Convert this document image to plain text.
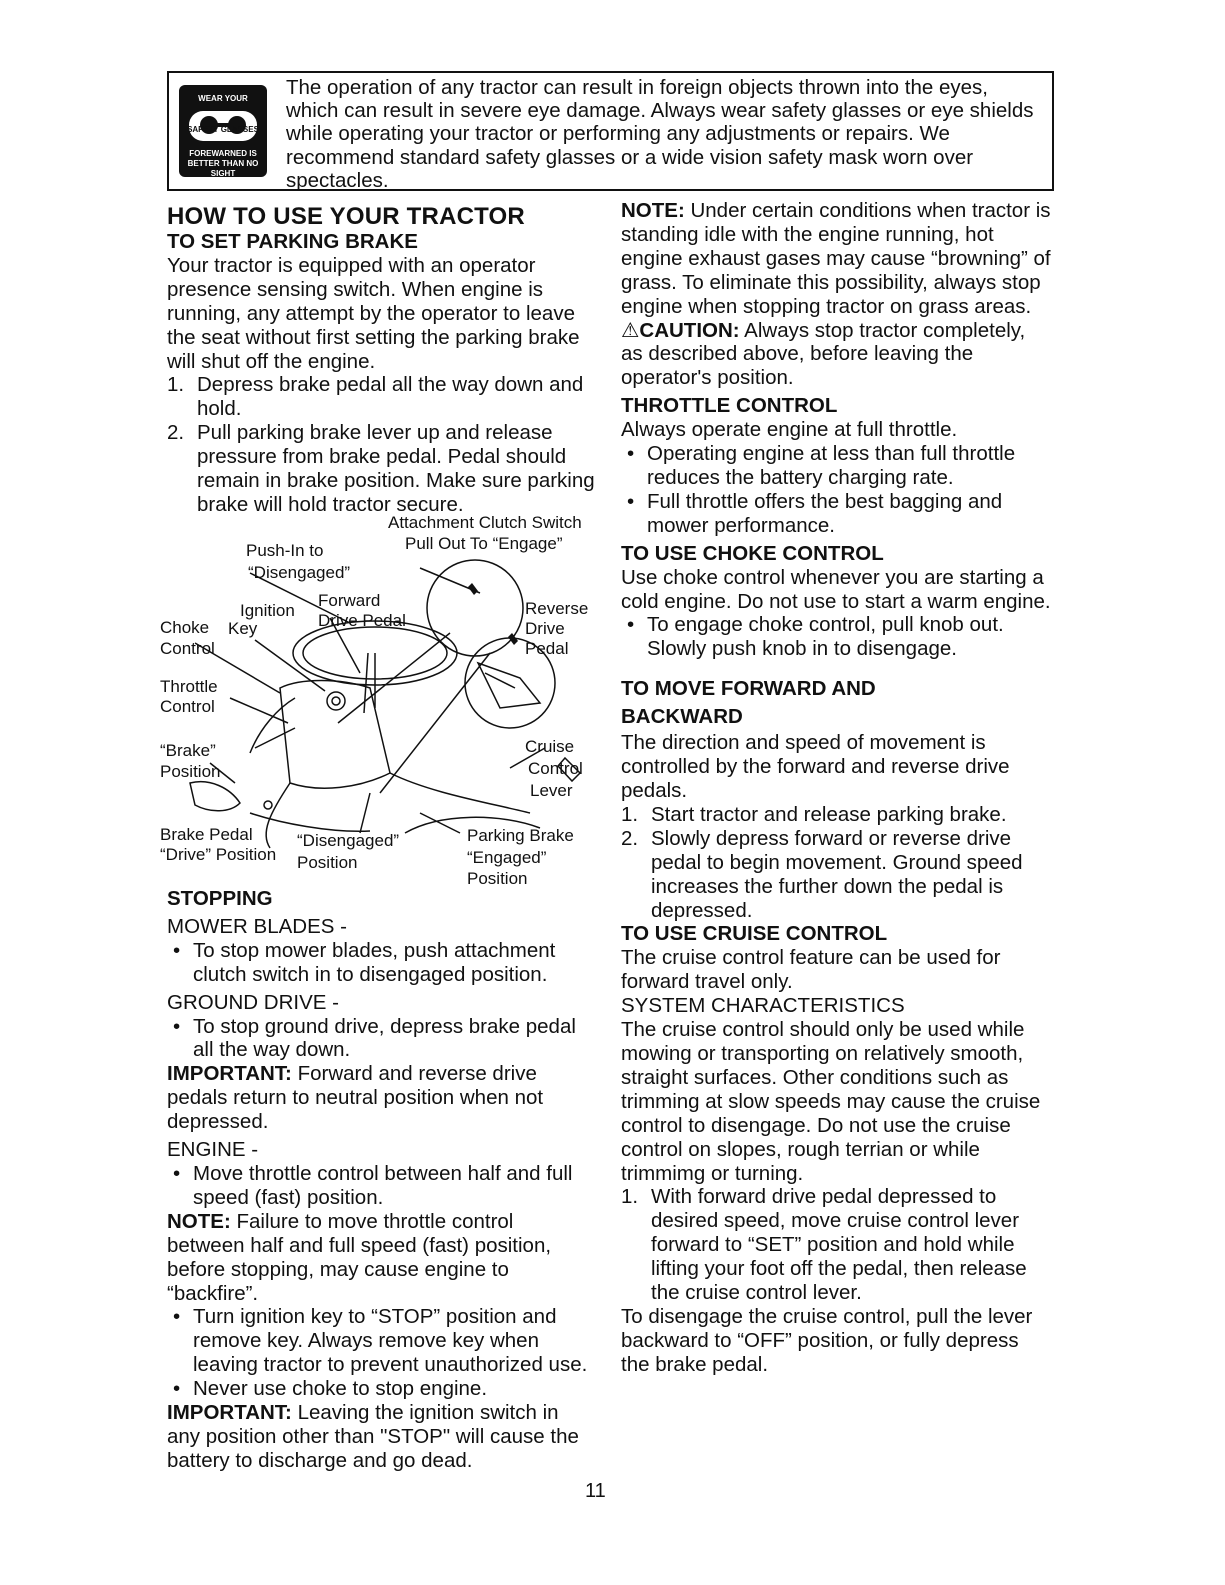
WEAR YOUR
SAFETY GLASSES
FOREWARNED IS BETTER THAN NO SIGHT
The operation of any tractor can result in foreign objects thrown into the eyes, which can result in severe eye damage. Always wear safety glasses or eye shields while operating your tractor or performing any adjustments or repairs. We recommend standard safety glasses or a wide vision safety mask worn over spectacles.

HOW TO USE YOUR TRACTOR

TO SET PARKING BRAKE

Your tractor is equipped with an operator presence sensing switch. When engine is running, any attempt by the operator to leave the seat without first setting the parking brake will shut off the engine.

1. Depress brake pedal all the way down and hold.
2. Pull parking brake lever up and release pressure from brake pedal. Pedal should remain in brake position. Make sure parking brake will hold tractor secure.
Attachment Clutch Switch
Pull Out To “Engage”
Push-In to
“Disengaged”
Ignition
Key
Forward
Drive Pedal
Choke
Control
Reverse
Drive
Pedal
Throttle
Control
“Brake”
Position
Cruise
Control
Lever
Brake Pedal
“Drive” Position
“Disengaged”
Position
Parking Brake
“Engaged”
Position

STOPPING

MOWER BLADES -

• To stop mower blades, push attachment clutch switch in to disengaged position.

GROUND DRIVE -

• To stop ground drive, depress brake pedal all the way down.

IMPORTANT: Forward and reverse drive pedals return to neutral position when not depressed.

ENGINE -

• Move throttle control between half and full speed (fast) position.

NOTE: Failure to move throttle control between half and full speed (fast) position, before stopping, may cause engine to “backfire”.

• Turn ignition key to “STOP” position and remove key. Always remove key when leaving tractor to prevent unauthorized use.
• Never use choke to stop engine.

IMPORTANT: Leaving the ignition switch in any position other than "STOP" will cause the battery to discharge and go dead.

NOTE: Under certain conditions when tractor is standing idle with the engine running, hot engine exhaust gases may cause “browning” of grass. To eliminate this possibility, always stop engine when stopping tractor on grass areas.

⚠CAUTION: Always stop tractor completely, as described above, before leaving the operator's position.

THROTTLE CONTROL

Always operate engine at full throttle.

• Operating engine at less than full throttle reduces the battery charging rate.
• Full throttle offers the best bagging and mower performance.

TO USE CHOKE CONTROL

Use choke control whenever you are starting a cold engine. Do not use to start a warm engine.

• To engage choke control, pull knob out. Slowly push knob in to disengage.

TO MOVE FORWARD AND

BACKWARD

The direction and speed of movement is controlled by the forward and reverse drive pedals.

1. Start tractor and release parking brake.
2. Slowly depress forward or reverse drive pedal to begin movement. Ground speed increases the further down the pedal is depressed.

TO USE CRUISE CONTROL

The cruise control feature can be used for forward travel only.

SYSTEM CHARACTERISTICS

The cruise control should only be used while mowing or transporting on relatively smooth, straight surfaces. Other conditions such as trimming at slow speeds may cause the cruise control to disengage. Do not use the cruise control on slopes, rough terrian or while trimmimg or turning.

1. With forward drive pedal depressed to desired speed, move cruise control lever forward to “SET” position and hold while lifting your foot off the pedal, then release the cruise control lever.

To disengage the cruise control, pull the lever backward to “OFF” position, or fully depress the brake pedal.

11
